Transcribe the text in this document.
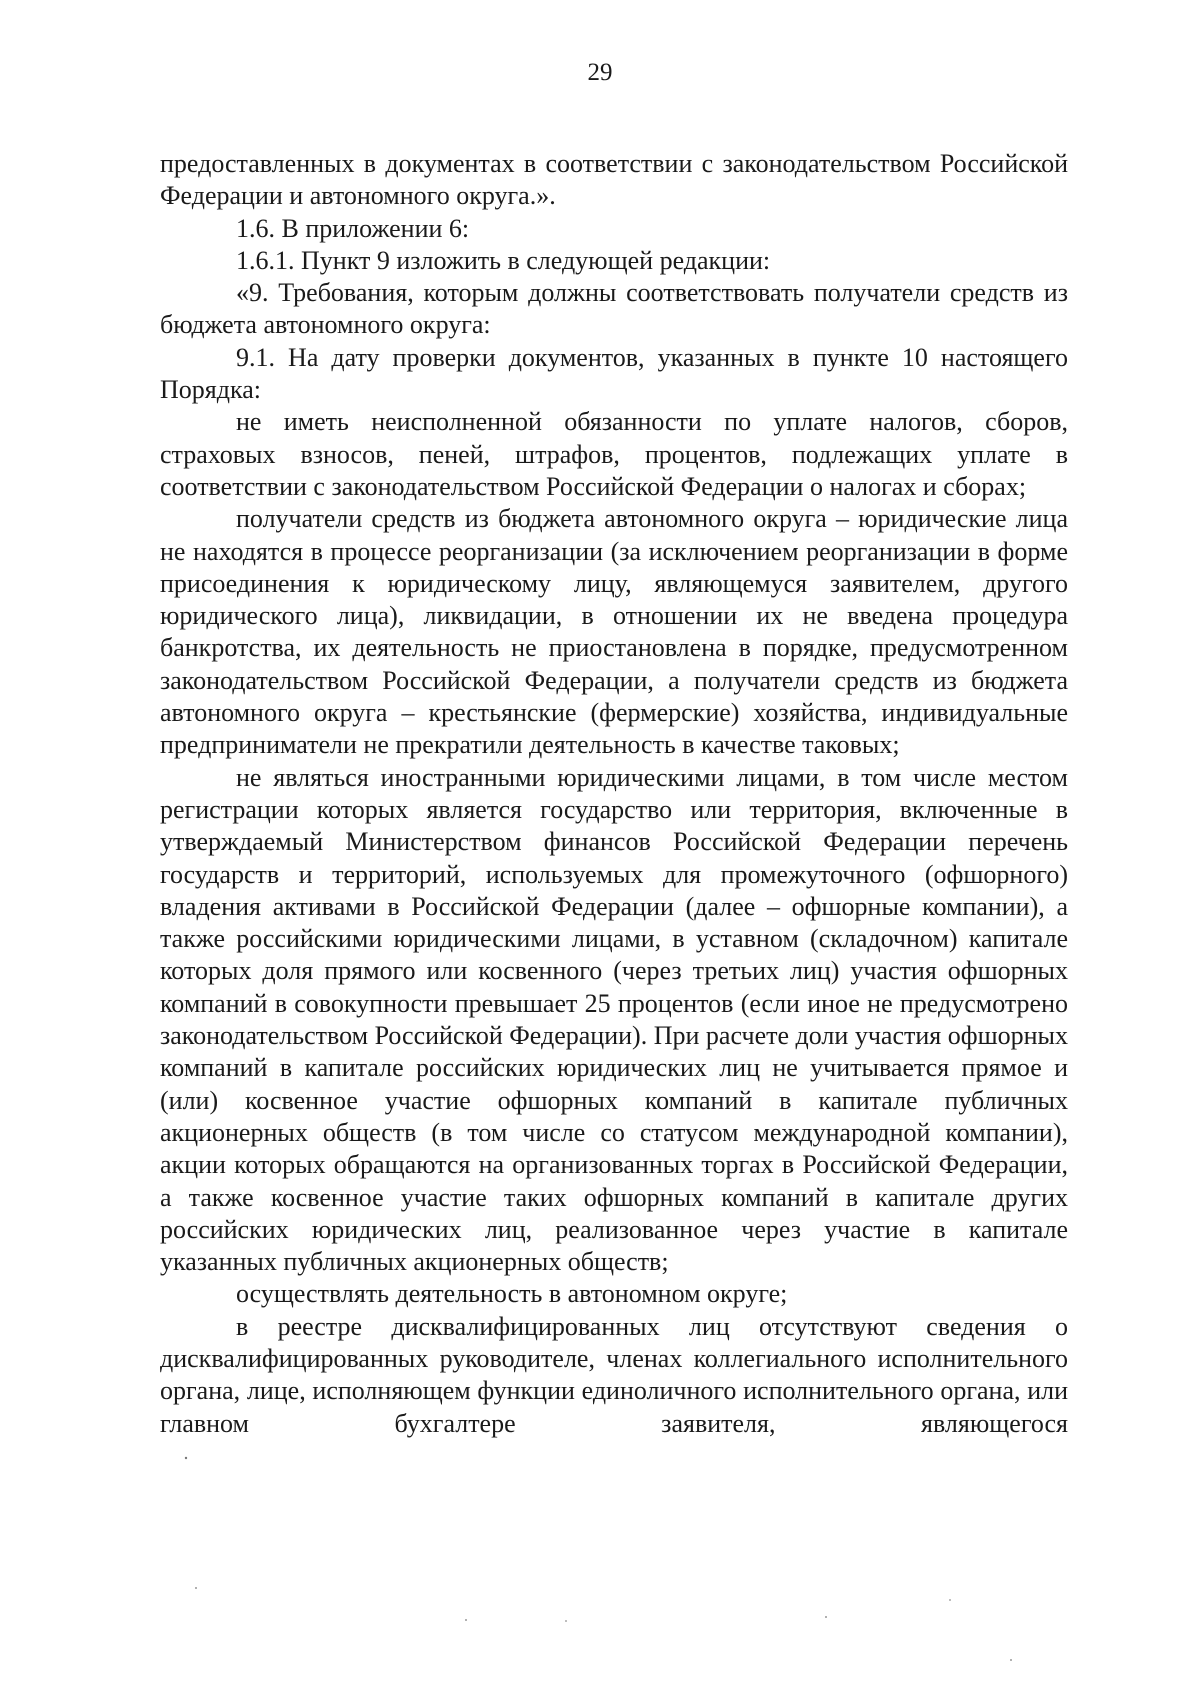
29

предоставленных в документах в соответствии с законодательством Российской Федерации и автономного округа.».

1.6. В приложении 6:

1.6.1. Пункт 9 изложить в следующей редакции:

«9. Требования, которым должны соответствовать получатели средств из бюджета автономного округа:

9.1. На дату проверки документов, указанных в пункте 10 настоящего Порядка:

не иметь неисполненной обязанности по уплате налогов, сборов, страховых взносов, пеней, штрафов, процентов, подлежащих уплате в соответствии с законодательством Российской Федерации о налогах и сборах;

получатели средств из бюджета автономного округа – юридические лица не находятся в процессе реорганизации (за исключением реорганизации в форме присоединения к юридическому лицу, являющемуся заявителем, другого юридического лица), ликвидации, в отношении их не введена процедура банкротства, их деятельность не приостановлена в порядке, предусмотренном законодательством Российской Федерации, а получатели средств из бюджета автономного округа – крестьянские (фермерские) хозяйства, индивидуальные предприниматели не прекратили деятельность в качестве таковых;

не являться иностранными юридическими лицами, в том числе местом регистрации которых является государство или территория, включенные в утверждаемый Министерством финансов Российской Федерации перечень государств и территорий, используемых для промежуточного (офшорного) владения активами в Российской Федерации (далее – офшорные компании), а также российскими юридическими лицами, в уставном (складочном) капитале которых доля прямого или косвенного (через третьих лиц) участия офшорных компаний в совокупности превышает 25 процентов (если иное не предусмотрено законодательством Российской Федерации). При расчете доли участия офшорных компаний в капитале российских юридических лиц не учитывается прямое и (или) косвенное участие офшорных компаний в капитале публичных акционерных обществ (в том числе со статусом международной компании), акции которых обращаются на организованных торгах в Российской Федерации, а также косвенное участие таких офшорных компаний в капитале других российских юридических лиц, реализованное через участие в капитале указанных публичных акционерных обществ;

осуществлять деятельность в автономном округе;

в реестре дисквалифицированных лиц отсутствуют сведения о дисквалифицированных руководителе, членах коллегиального исполнительного органа, лице, исполняющем функции единоличного исполнительного органа, или главном бухгалтере заявителя, являющегося
